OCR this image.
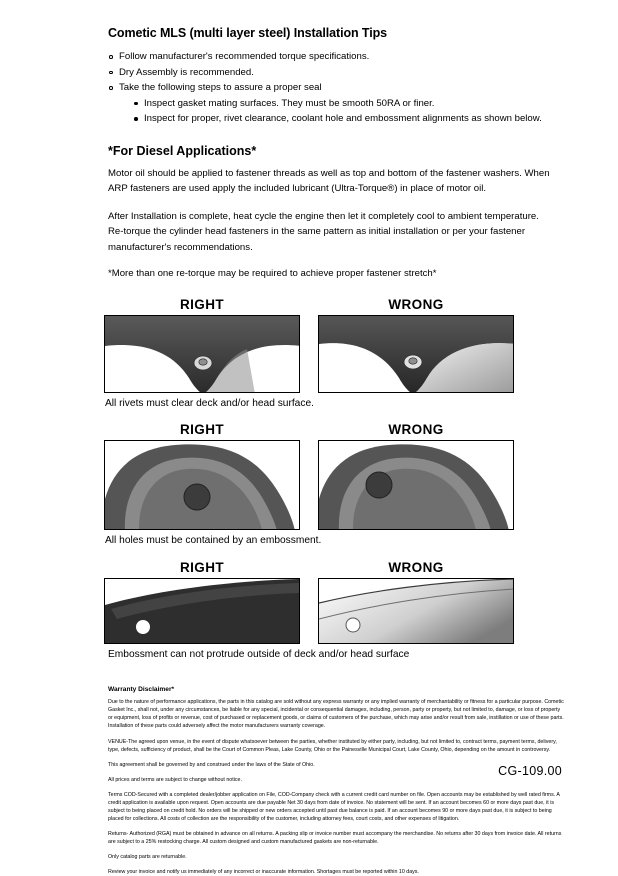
Cometic MLS (multi layer steel) Installation Tips
Follow manufacturer's recommended torque specifications.
Dry Assembly is recommended.
Take the following steps to assure a proper seal
Inspect gasket mating surfaces. They must be smooth 50RA or finer.
Inspect for proper, rivet clearance, coolant hole and embossment alignments as shown below.
*For Diesel Applications*

Motor oil should be applied to fastener threads as well as top and bottom of the fastener washers. When ARP fasteners are used apply the included lubricant (Ultra-Torque®) in place of motor oil.

After Installation is complete, heat cycle the engine then let it completely cool to ambient temperature. Re-torque the cylinder head fasteners in the same pattern as initial installation or per your fastener manufacturer's recommendations.

*More than one re-torque may be required to achieve proper fastener stretch*

RIGHT	WRONG
All rivets must clear deck and/or head surface.
RIGHT	WRONG
All holes must be contained by an embossment.
RIGHT	WRONG
Embossment can not protrude outside of deck and/or head surface
Warranty Disclaimer*

Due to the nature of performance applications, the parts in this catalog are sold without any express warranty or any implied warranty of merchantability or fitness for a particular purpose. Cometic Gasket Inc., shall not, under any circumstances, be liable for any special, incidental or consequential damages, including, person, party or property, but not limited to, damage, or loss of property or equipment, loss of profits or revenue, cost of purchased or replacement goods, or claims of customers of the purchase, which may arise and/or result from sale, instillation or use of these parts. Installation of these parts could adversely affect the motor manufacturers warranty coverage.

VENUE-The agreed upon venue, in the event of dispute whatsoever between the parties, whether instituted by either party, including, but not limited to, contract terms, payment terms, delivery, type, defects, sufficiency of product, shall be the Court of Common Pleas, Lake County, Ohio or the Painesville Municipal Court, Lake County, Ohio, depending on the amount in controversy.

This agreement shall be governed by and construed under the laws of the State of Ohio.

All prices and terms are subject to change without notice.

Terms COD-Secured with a completed dealer/jobber application on File, COD-Company check with a current credit card number on file. Open accounts may be established by well rated firms. A credit application is available upon request. Open accounts are due payable Net 30 days from date of invoice. No statement will be sent. If an account becomes 60 or more days past due, it is subject to being placed on credit hold. No orders will be shipped or new orders accepted until past due balance is paid. If an account becomes 90 or more days past due, it is subject to being placed for collections. All costs of collection are the responsibility of the customer, including attorney fees, court costs, and other expenses of litigation.

Returns- Authorized (RGA) must be obtained in advance on all returns. A packing slip or invoice number must accompany the merchandise. No returns after 30 days from invoice date. All returns are subject to a 25% restocking charge. All custom designed and custom manufactured gaskets are non-returnable.

Only catalog parts are returnable.

Review your invoice and notify us immediately of any incorrect or inaccurate information. Shortages must be reported within 10 days.

CG-109.00
